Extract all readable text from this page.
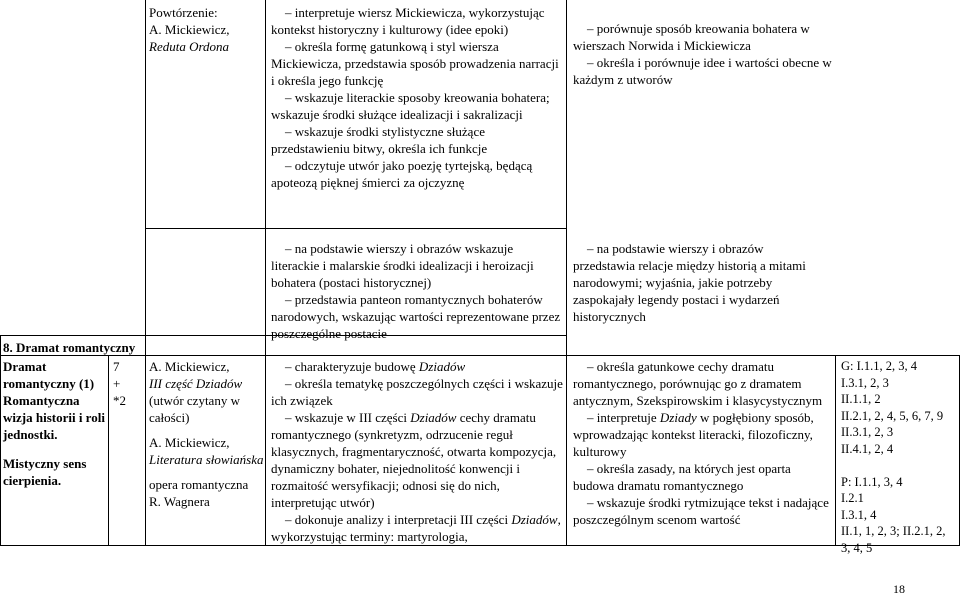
Powtórzenie:
A. Mickiewicz,
Reduta Ordona

– interpretuje wiersz Mickiewicza, wykorzystując kontekst historyczny i kulturowy (idee epoki)

– określa formę gatunkową i styl wiersza Mickiewicza, przedstawia sposób prowadzenia narracji i określa jego funkcję

– wskazuje literackie sposoby kreowania bohatera; wskazuje środki służące idealizacji i sakralizacji

– wskazuje środki stylistyczne służące przedstawieniu bitwy, określa ich funkcje

– odczytuje utwór jako poezję tyrtejską, będącą apoteozą pięknej śmierci za ojczyznę

– porównuje sposób kreowania bohatera w wierszach Norwida i Mickiewicza

– określa i porównuje idee i wartości obecne w każdym z utworów

– na podstawie wierszy i obrazów wskazuje literackie i malarskie środki idealizacji i heroizacji bohatera (postaci historycznej)

– przedstawia panteon romantycznych bohaterów narodowych, wskazując wartości reprezentowane przez poszczególne postacie

– na podstawie wierszy i obrazów przedstawia relacje między historią a mitami narodowymi; wyjaśnia, jakie potrzeby zaspokajały legendy postaci i wydarzeń historycznych

8. Dramat romantyczny
Dramat romantyczny (1) Romantyczna wizja historii i roli jednostki.
Mistyczny sens cierpienia.
7
+
*2
A. Mickiewicz,
III część Dziadów
(utwór czytany w całości)
A. Mickiewicz,
Literatura słowiańska
opera romantyczna
R. Wagnera

– charakteryzuje budowę Dziadów

– określa tematykę poszczególnych części i wskazuje ich związek

– wskazuje w III części Dziadów cechy dramatu romantycznego (synkretyzm, odrzucenie reguł klasycznych, fragmentaryczność, otwarta kompozycja, dynamiczny bohater, niejednolitość konwencji i rozmaitość wersyfikacji; odnosi się do nich, interpretując utwór)

– dokonuje analizy i interpretacji III części Dziadów, wykorzystując terminy: martyrologia,

– określa gatunkowe cechy dramatu romantycznego, porównując go z dramatem antycznym, Szekspirowskim i klasycystycznym

– interpretuje Dziady w pogłębiony sposób, wprowadzając kontekst literacki, filozoficzny, kulturowy

– określa zasady, na których jest oparta budowa dramatu romantycznego

– wskazuje środki rytmizujące tekst i nadające poszczególnym scenom wartość

G: I.1.1, 2, 3, 4
I.3.1, 2, 3
II.1.1, 2
II.2.1, 2, 4, 5, 6, 7, 9
II.3.1, 2, 3
II.4.1, 2, 4
P: I.1.1, 3, 4
I.2.1
I.3.1, 4
II.1, 1, 2, 3; II.2.1, 2,
3, 4, 5
18
